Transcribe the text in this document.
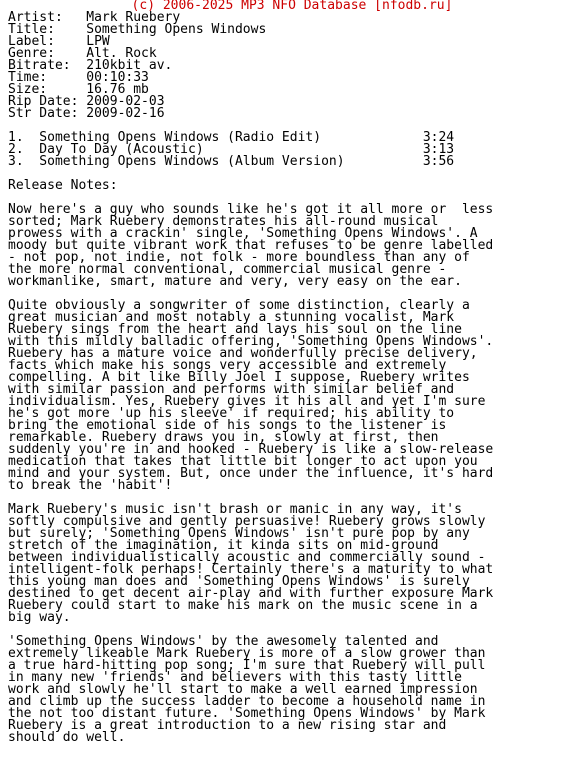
(c) 2006-2025 MP3 NFO Database [nfodb.ru]
Artist:   Mark Ruebery
Title:    Something Opens Windows
Label:    LPW
Genre:    Alt. Rock
Bitrate:  210kbit av.
Time:     00:10:33
Size:     16.76 mb
Rip Date: 2009-02-03
Str Date: 2009-02-16

1.  Something Opens Windows (Radio Edit)             3:24
2.  Day To Day (Acoustic)                            3:13
3.  Something Opens Windows (Album Version)          3:56

Release Notes:

Now here's a guy who sounds like he's got it all more or  less
sorted; Mark Ruebery demonstrates his all-round musical
prowess with a crackin' single, 'Something Opens Windows'. A
moody but quite vibrant work that refuses to be genre labelled
- not pop, not indie, not folk - more boundless than any of
the more normal conventional, commercial musical genre -
workmanlike, smart, mature and very, very easy on the ear.

Quite obviously a songwriter of some distinction, clearly a
great musician and most notably a stunning vocalist, Mark
Ruebery sings from the heart and lays his soul on the line
with this mildly balladic offering, 'Something Opens Windows'.
Ruebery has a mature voice and wonderfully precise delivery,
facts which make his songs very accessible and extremely
compelling. A bit like Billy Joel I suppose, Ruebery writes
with similar passion and performs with similar belief and
individualism. Yes, Ruebery gives it his all and yet I'm sure
he's got more 'up his sleeve' if required; his ability to
bring the emotional side of his songs to the listener is
remarkable. Ruebery draws you in, slowly at first, then
suddenly you're in and hooked - Ruebery is like a slow-release
medication that takes that little bit longer to act upon you
mind and your system. But, once under the influence, it's hard
to break the 'habit'!

Mark Ruebery's music isn't brash or manic in any way, it's
softly compulsive and gently persuasive! Ruebery grows slowly
but surely; 'Something Opens Windows' isn't pure pop by any
stretch of the imagination, it kinda sits on mid-ground
between individualistically acoustic and commercially sound -
intelligent-folk perhaps! Certainly there's a maturity to what
this young man does and 'Something Opens Windows' is surely
destined to get decent air-play and with further exposure Mark
Ruebery could start to make his mark on the music scene in a
big way.

'Something Opens Windows' by the awesomely talented and
extremely likeable Mark Ruebery is more of a slow grower than
a true hard-hitting pop song; I'm sure that Ruebery will pull
in many new 'friends' and believers with this tasty little
work and slowly he'll start to make a well earned impression
and climb up the success ladder to become a household name in
the not too distant future. 'Something Opens Windows' by Mark
Ruebery is a great introduction to a new rising star and
should do well.
